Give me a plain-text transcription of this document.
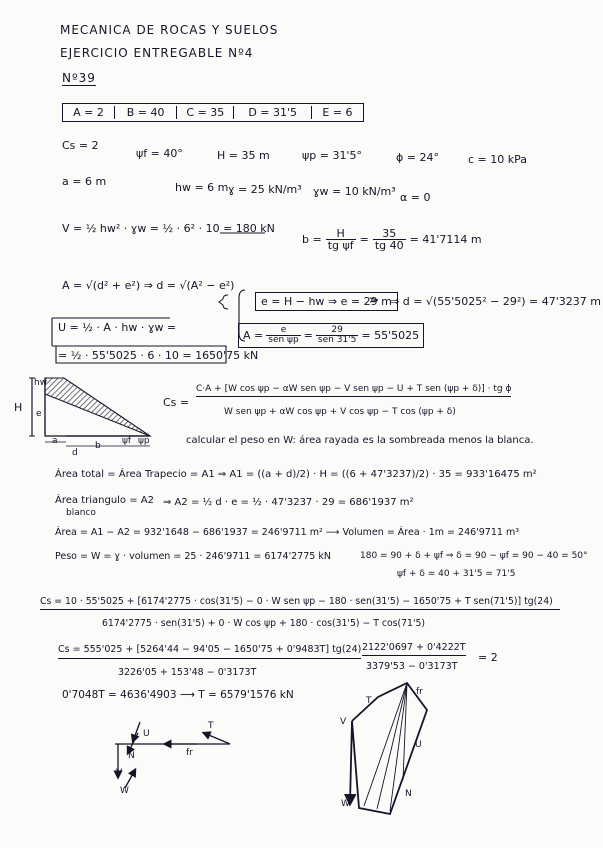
MECANICA DE ROCAS Y SUELOS
EJERCICIO ENTREGABLE Nº4
Nº39
A = 2	B = 40	C = 35	D = 31'5	E = 6
Cs = 2
ψf = 40°	H = 35 m	ψp = 31'5°	ϕ = 24°	c = 10 kPa
a = 6 m	hw = 6 m ɣ = 25 kN/m³ ɣw = 10 kN/m³ α = 0
V = ½ hw² · ɣw = ½ · 6² · 10 = 180 kN
$b = \frac{H}{\text{tg ψf}} = \frac{35}{tg 40} = 41'7114$ m
A = √(d² + e²) ⇒ d = √(A² − e²)
e = H − hw ⇒ e = 29 m
⇒ d = √(55'5025² − 29²) = 47'3237 m
$A = \frac{e}{\text{sen ψp}} = \frac{29}{\text{sen 31'5}} = 55'5025$
U = ½ · A · hw · ɣw =
= ½ · 55'5025 · 6 · 10 = 1650'75 kN
Cs =
C·A + [W cos ψp − αW sen ψp − V sen ψp − U + T sen (ψp + δ)] · tg ϕ
W sen ψp + αW cos ψp + V cos ψp − T cos (ψp + δ)
calcular el peso en W: área rayada es la sombreada menos la blanca.
Área total = Área Trapecio = A1 ⇒ A1 = ((a + d)/2) · H = ((6 + 47'3237)/2) · 35 = 933'16475 m²
Área triangulo = A2
blanco
⇒ A2 = ½ d · e = ½ · 47'3237 · 29 = 686'1937 m²
Área = A1 − A2 = 932'1648 − 686'1937 = 246'9711 m² ⟶ Volumen = Área · 1m = 246'9711 m³
Peso = W = ɣ · volumen = 25 · 246'9711 = 6174'2775 kN	180 = 90 + δ + ψf ⇒ δ = 90 − ψf = 90 − 40 = 50°
ψf + δ = 40 + 31'5 = 71'5
Cs = 10 · 55'5025 + [6174'2775 · cos(31'5) − 0 · W sen ψp − 180 · sen(31'5) − 1650'75 + T sen(71'5)] tg(24)
6174'2775 · sen(31'5) + 0 · W cos ψp + 180 · cos(31'5) − T cos(71'5)
Cs = 555'025 + [5264'44 − 94'05 − 1650'75 + 0'9483T] tg(24)
3226'05 + 153'48 − 0'3173T
2122'0697 + 0'4222T
3379'53 − 0'3173T
= 2
0'7048T = 4636'4903 ⟶ T = 6579'1576 kN
hw
H e
a	b
d
ψf ψp
T
U
V
W
N	fr
T
fr
U
V
W
N
